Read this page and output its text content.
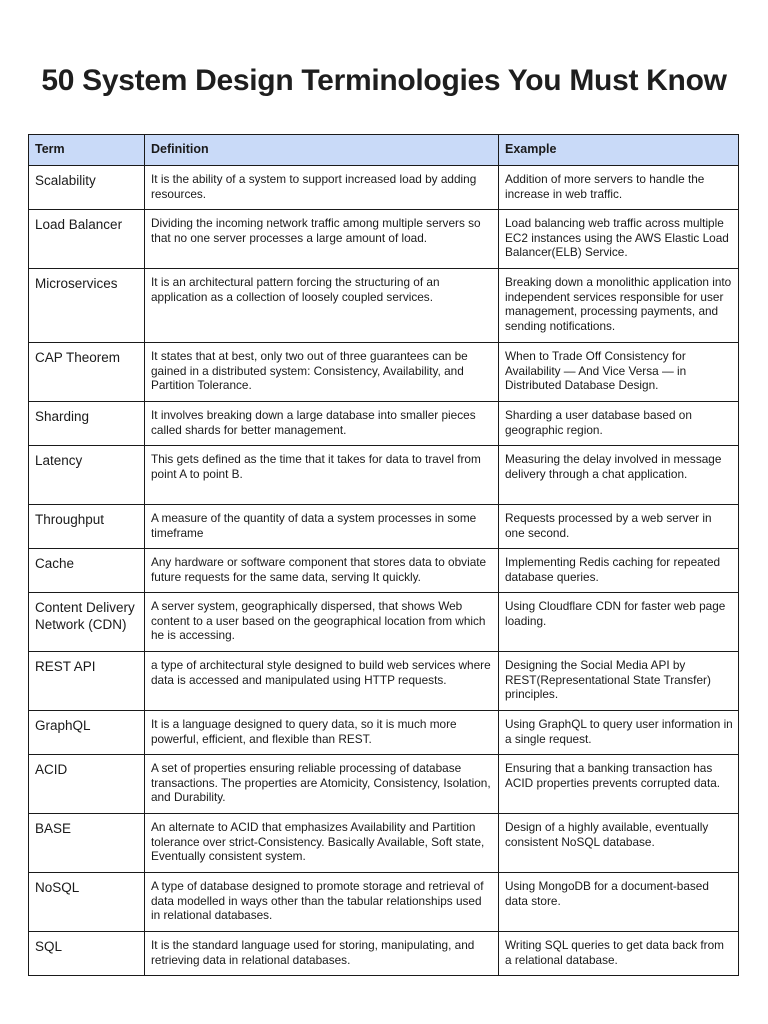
50 System Design Terminologies You Must Know
Term	Definition	Example
Scalability	It is the ability of a system to support increased load by adding resources.	Addition of more servers to handle the increase in web traffic.
Load Balancer	Dividing the incoming network traffic among multiple servers so that no one server processes a large amount of load.	Load balancing web traffic across multiple EC2 instances using the AWS Elastic Load Balancer(ELB) Service.
Microservices	It is an architectural pattern forcing the structuring of an application as a collection of loosely coupled services.	Breaking down a monolithic application into independent services responsible for user management, processing payments, and sending notifications.
CAP Theorem	It states that at best, only two out of three guarantees can be gained in a distributed system: Consistency, Availability, and Partition Tolerance.	When to Trade Off Consistency for Availability — And Vice Versa — in Distributed Database Design.
Sharding	It involves breaking down a large database into smaller pieces called shards for better management.	Sharding a user database based on geographic region.
Latency	This gets defined as the time that it takes for data to travel from point A to point B.	Measuring the delay involved in message delivery through a chat application.
Throughput	A measure of the quantity of data a system processes in some timeframe	Requests processed by a web server in one second.
Cache	Any hardware or software component that stores data to obviate future requests for the same data, serving It quickly.	Implementing Redis caching for repeated database queries.
Content Delivery Network (CDN)	A server system, geographically dispersed, that shows Web content to a user based on the geographical location from which he is accessing.	Using Cloudflare CDN for faster web page loading.
REST API	a type of architectural style designed to build web services where data is accessed and manipulated using HTTP requests.	Designing the Social Media API by REST(Representational State Transfer) principles.
GraphQL	It is a language designed to query data, so it is much more powerful, efficient, and flexible than REST.	Using GraphQL to query user information in a single request.
ACID	A set of properties ensuring reliable processing of database transactions. The properties are Atomicity, Consistency, Isolation, and Durability.	Ensuring that a banking transaction has ACID properties prevents corrupted data.
BASE	An alternate to ACID that emphasizes Availability and Partition tolerance over strict-Consistency. Basically Available, Soft state, Eventually consistent system.	Design of a highly available, eventually consistent NoSQL database.
NoSQL	A type of database designed to promote storage and retrieval of data modelled in ways other than the tabular relationships used in relational databases.	Using MongoDB for a document-based data store.
SQL	It is the standard language used for storing, manipulating, and retrieving data in relational databases.	Writing SQL queries to get data back from a relational database.
